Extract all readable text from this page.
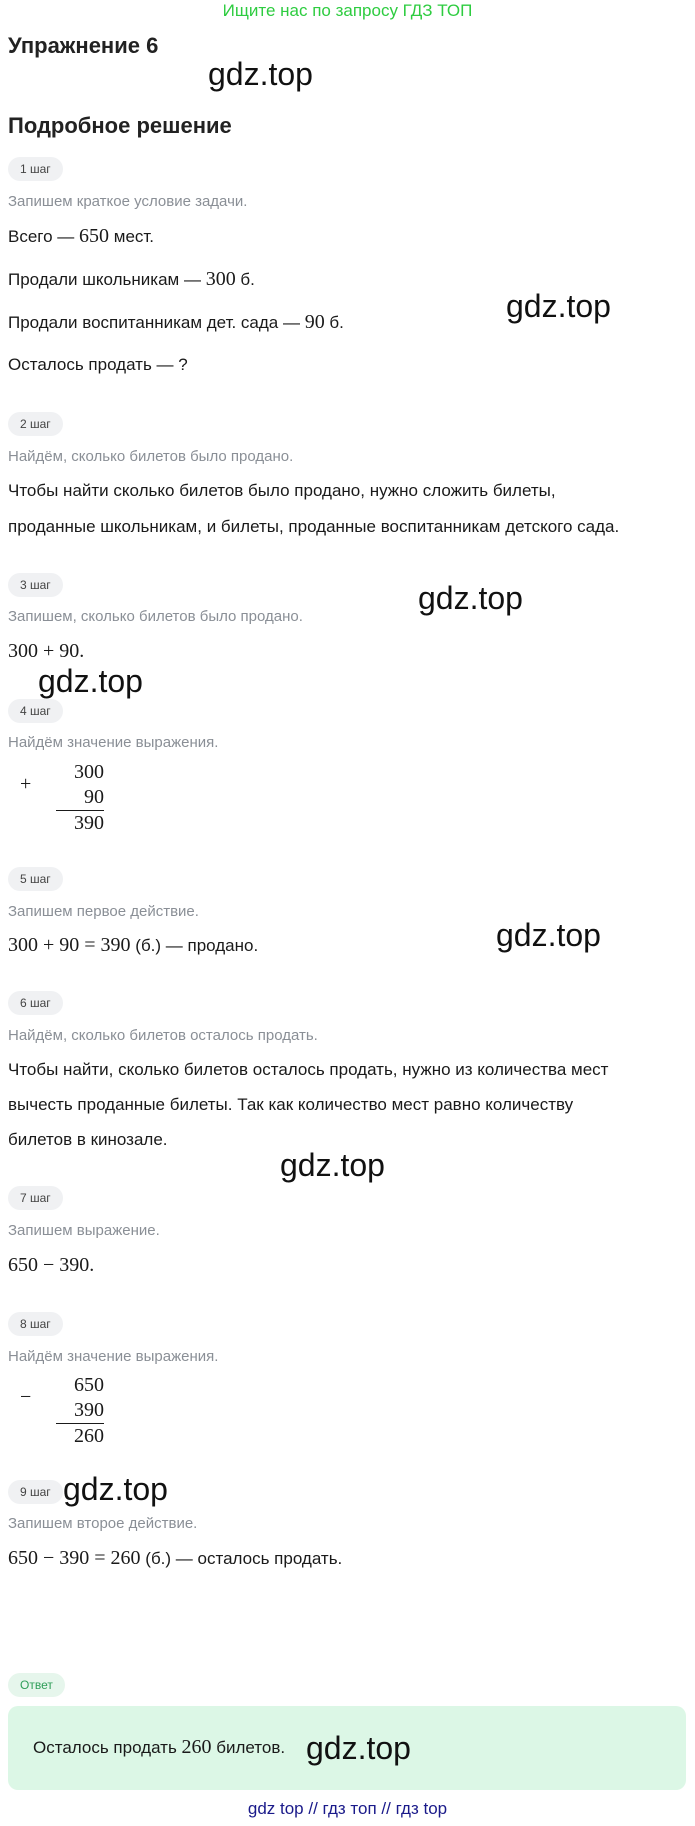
Ищите нас по запросу ГДЗ ТОП
Упражнение 6
gdz.top
Подробное решение
1 шаг
Запишем краткое условие задачи.
Всего — 650 мест.
Продали школьникам — 300 б.
gdz.top
Продали воспитанникам дет. сада — 90 б.
Осталось продать — ?
2 шаг
Найдём, сколько билетов было продано.
Чтобы найти сколько билетов было продано, нужно сложить билеты,
проданные школьникам, и билеты, проданные воспитанникам детского сада.
3 шаг	gdz.top
Запишем, сколько билетов было продано.
300 + 90.
gdz.top
4 шаг
Найдём значение выражения.
+
300
90
390
5 шаг
Запишем первое действие.
gdz.top
300 + 90 = 390 (б.) — продано.
6 шаг
Найдём, сколько билетов осталось продать.
Чтобы найти, сколько билетов осталось продать, нужно из количества мест
вычесть проданные билеты. Так как количество мест равно количеству
билетов в кинозале.
gdz.top
7 шаг
Запишем выражение.
650 − 390.
8 шаг
Найдём значение выражения.
−
650
390
260
9 шаг gdz.top
Запишем второе действие.
650 − 390 = 260 (б.) — осталось продать.
Ответ
Осталось продать 260 билетов. gdz.top
gdz top // гдз топ // гдз top
